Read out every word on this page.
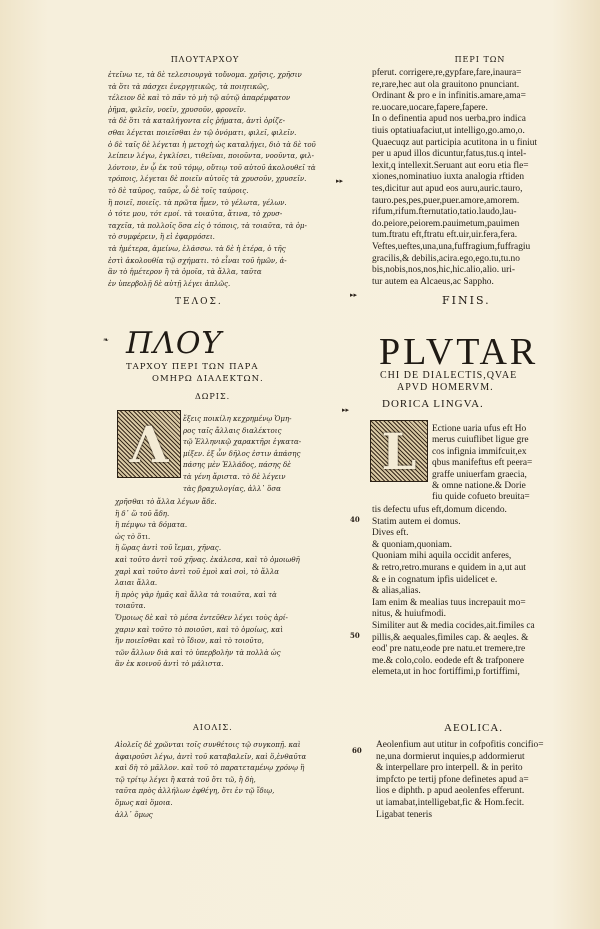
ΠΛΟΥΤΑΡΧΟΥ
ἐτεῖνω τε, τὰ δὲ τελεσιουργὰ τοὔνομα. χρῆσις, χρῆσιν
τὰ ὅτι τὰ πάσχει ἐνεργητικῶς, τὰ ποιητικῶς,
τέλειον δὲ καὶ τὸ πᾶν τὸ μὴ τῷ αὐτῷ ἀπαρέμφατον
ῥῆμα, φιλεῖν, νοεῖν, χρυσοῦν, φρονεῖν.
τὰ δὲ ὅτι τὰ καταλήγοντα εἰς ῥήματα, ἀντὶ ὀρίζε-
σθαι λέγεται ποιεῖσθαι ἐν τῷ ὀνόματι, φιλεῖ, φιλεῖν.
ὁ δὲ ταῖς δὲ λέγεται ἡ μετοχὴ ὡς καταλήγει, διὸ τὰ δὲ τοῦ
λείπειν λέγω, ἐγκλίσει, τιθεῖναι, ποιοῦντα, νοοῦντα, φιλ-
λόντοιν, ἐν ᾧ ἐκ τοῦ τόμῳ, οὔτιῳ τοῦ αὐτοῦ ἀκολουθεῖ τὰ
τρόποις, λέγεται δὲ ποιεῖν αὐτοῖς τὰ χρυσοῦν, χρυσεῖν.
τὸ δὲ ταῦρος, ταῦρε, ὦ δὲ τοῖς ταύροις.
ἢ ποιεῖ, ποιεῖς. τὰ πρῶτα ἦμεν, τὸ γέλωτα, γέλων.
ὁ τότε μου, τότ εμοί. τὰ τοιαῦτα, ἄτινα, τὸ χρυσ-
ταχεῖα, τὰ πολλοῖς ὅσα εἰς ὁ τόποις, τὰ τοιαῦτα, τὰ ὁμ-
τὸ συμφέρειν, ἢ εἰ ἐφαρμόσει.
τὰ ἡμέτερα, ἀμείνω, ἐλάσσω. τὰ δὲ ἡ ἑτέρα, ὁ τῆς
ἐστὶ ἀκολουθία τῷ σχήματι. τὸ εἶναι τοῦ ἡμῶν, ἀ-
ἂν τὸ ἡμέτερον ἢ τὰ ὁμοῖα, τὰ ἄλλα, ταῦτα
ἐν ὑπερβολῇ δὲ αὐτῇ λέγει ἁπλῶς.
ΤΕΛΟΣ.
❧ ΠΛΟΥ
ΤΑΡΧΟΥ ΠΕΡΙ ΤΩΝ ΠΑΡΑ
ΟΜΗΡΩ ΔΙΑΛΕΚΤΩΝ.
ΔΩΡΙΣ.
Λ	ἔξεις ποικίλη κεχρημένῳ Ὁμη-
ρος ταῖς ἄλλαις διαλέκτοις
τῷ Ἑλληνικῷ χαρακτῆρι ἐγκατα-
μίξεν. ἐξ ὧν δῆλος ἐστιν ἁπάσης
πάσης μὲν Ἑλλάδος, πάσης δὲ
τὰ γένη ἄριστα. τὸ δὲ λέγειν
τὰς βραχυλογίας, ἀλλ᾽ ὅσα
χρῆσθαι τὸ ἄλλα λέγων ἄδε.
ἢ δ᾽ ὥ τοῦ ἄδη.
ἢ πέμψω τὰ δόματα.
ὡς τὸ ὅτι.
ἢ ὥρας ἀντὶ τοῦ ἵεμαι, χῆνας.
καὶ τοῦτο ἀντὶ τοῦ χῆνας. ἐκάλεσα, καὶ τὸ ὁμοιωθῆ
χαρὶ καὶ τοῦτο ἀντὶ τοῦ ἐμοὶ καὶ σοὶ, τὸ ἄλλα
λαιαι ἄλλα.
ἢ πρὸς γὰρ ἡμᾶς καὶ ἄλλα τὰ τοιαῦτα, καὶ τὰ
τοιαῦτα.
Ὅμοιως δὲ καὶ τὸ μέσα ἐντεῦθεν λέγει τοὺς ἀρί-
χαριν καὶ τοῦτο τὸ ποιοῦσι, καὶ τὸ ὁμοίως, καὶ
ἢν ποιεῖσθαι καὶ τὸ ἴδιον, καὶ τὸ τοιοῦτο,
τῶν ἄλλων διὰ καὶ τὸ ὑπερβολὴν τὰ πολλὰ ὡς
ἂν ἐκ κοινοῦ ἀντὶ τὸ μάλιστα.
ΑΙΟΛΙΣ.
Αἰολεῖς δὲ χρῶνται τοῖς συνθέτοις τῷ συγκοπῇ. καὶ
ἀφαιροῦσι λέγω, ἀντὶ τοῦ καταβαλεῖν, καὶ ὅ,ἐνθαῦτα
καὶ δὴ τὸ μᾶλλον. καὶ τοῦ τὸ παρατεταμένῳ χρόνῳ ἢ
τῷ τρίτῳ λέγει ἢ κατὰ τοῦ ὅτι τῶ, ἢ δὴ,
ταῦτα πρὸς ἀλλήλων ἐφθέγη, ὅτι ἐν τῷ ἴδιῳ,
ὅμως καὶ ὅμοια.
ἀλλ᾽ ὅμως
▸▸
▸▸
▸▸
40
50
60
ΠΕΡΙ ΤΩΝ
pferut. corrigere,re,gypfare,fare,inaura=
re,rare,hec aut ola grauitono pnunciant.
Ordinant & pro e in infinitis.amare,ama=
re.uocare,uocare,fapere,fapere.
In o definentia apud nos uerba,pro indica
tiuis optatiuafaciut,ut intelligo,go.amo,o.
Quaecuqz aut participia acutitona in u finiut
per u apud illos dicuntur,fatus,tus.q intel-
lexit,q intellexit.Seruant aut eoru etia fle=
xiones,nominatiuo iuxta analogia rftiden
tes,dicitur aut apud eos auru,auric.tauro,
tauro.pes,pes,puer,puer.amore,amorem.
rifum,rifum.fternutatio,tatio.laudo,lau-
do.peiore,peiorem.pauimetum,pauimen
tum.ftratu eft,ftratu eft.uir,uir.fera,fera.
Veftes,ueftes,una,una,fuffragium,fuffragiu
gracilis,& debilis,acira.ego,ego.tu,tu.no
bis,nobis,nos,nos,hic,hic.alio,alio. uri-
tur autem ea Alcaeus,ac Sappho.
FINIS.
PLVTAR
CHI DE DIALECTIS,QVAE
APVD HOMERVM.
DORICA LINGVA.
L	Ectione uaria ufus eft Ho
merus cuiuflibet ligue gre
cos infignia immifcuit,ex
qbus manifeftus eft peera=
graffe uniuerfam graecia,
& omne natione.& Dorie
fiu quide cofueto breuita=
tis defectu ufus eft,domum dicendo.
Statim autem ei domus.
Dives eft.
& quoniam,quoniam.
Quoniam mihi aquila occidit anferes,
& retro,retro.murans e quidem in a,ut aut
& e in cognatum ipfis uidelicet e.
& alias,alias.
Iam enim & mealias tuus increpauit mo=
nitus, & huiufmodi.
Similiter aut & media cocides,ait.fimiles ca
pillis,& aequales,fimiles cap. & aeqles. &
eod' pre natu,eode pre natu.et tremere,tre
me.& colo,colo. eodede eft & trafponere
elemeta,ut in hoc fortiffimi,p fortiffimi,
AEOLICA.
Aeolenfium aut utitur in cofpofitis concifio=
ne,una dormierut inquies,p addormierut
& interpellare pro interpell. & in perito
impfcto pe tertij pfone definetes apud a=
lios e diphth. p apud aeolenfes efferunt.
ut iamabat,intelligebat,fic & Hom.fecit.
Ligabat teneris
